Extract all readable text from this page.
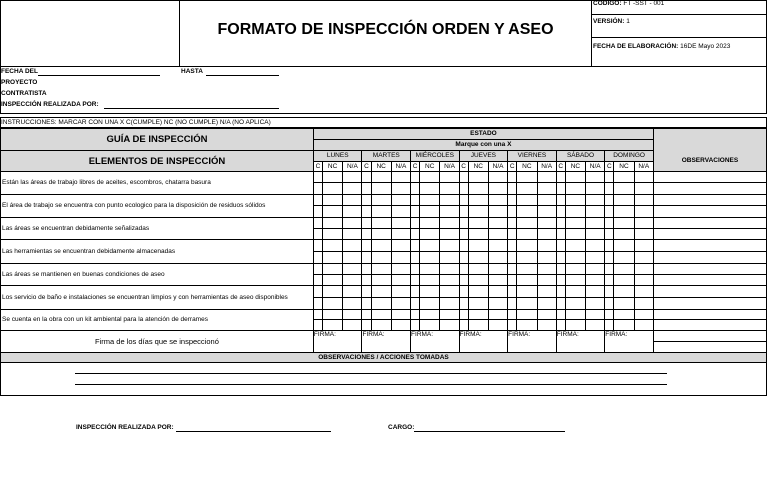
FORMATO DE INSPECCIÓN ORDEN Y ASEO
CODIGO: FT -SST - 001
VERSIÓN: 1
FECHA DE ELABORACIÓN: 16DE Mayo 2023
FECHA DEL	HASTA
PROYECTO
CONTRATISTA
INSPECCIÓN REALIZADA POR:
INSTRUCCIONES: MARCAR CON UNA X C(CUMPLE) NC (NO CUMPLE) N/A (NO APLICA)
GUÍA DE INSPECCIÓN	ESTADO																					
	Marque con una X																					
ELEMENTOS DE INSPECCIÓN	LUNES			MARTES			MIÉRCOLES			JUEVES			VIERNES			SÁBADO			DOMINGO			OBSERVACIONES
	C	NC	N/A	C	NC	N/A	C	NC	N/A	C	NC	N/A	C	NC	N/A	C	NC	N/A	C	NC	N/A	
Están las áreas de trabajo libres de aceites, escombros, chatarra basura																						

El área de trabajo se encuentra con punto ecologico para la disposición de residuos sólidos																						

Las áreas se encuentran debidamente señalizadas																						

Las herramientas se encuentran debidamente almacenadas																						

Las áreas se mantienen en buenas condiciones de aseo																						

Los servicio de baño e instalaciones se encuentran limpios y con herramientas de aseo disponibles																						

Se cuenta en la obra con un kit ambiental para la atención de derrames																						

Firma de los días que se inspeccionó	FIRMA:			FIRMA:			FIRMA:			FIRMA:			FIRMA:			FIRMA:			FIRMA:			

OBSERVACIONES / ACCIONES TOMADAS																						

INSPECCIÓN REALIZADA POR:	CARGO:
